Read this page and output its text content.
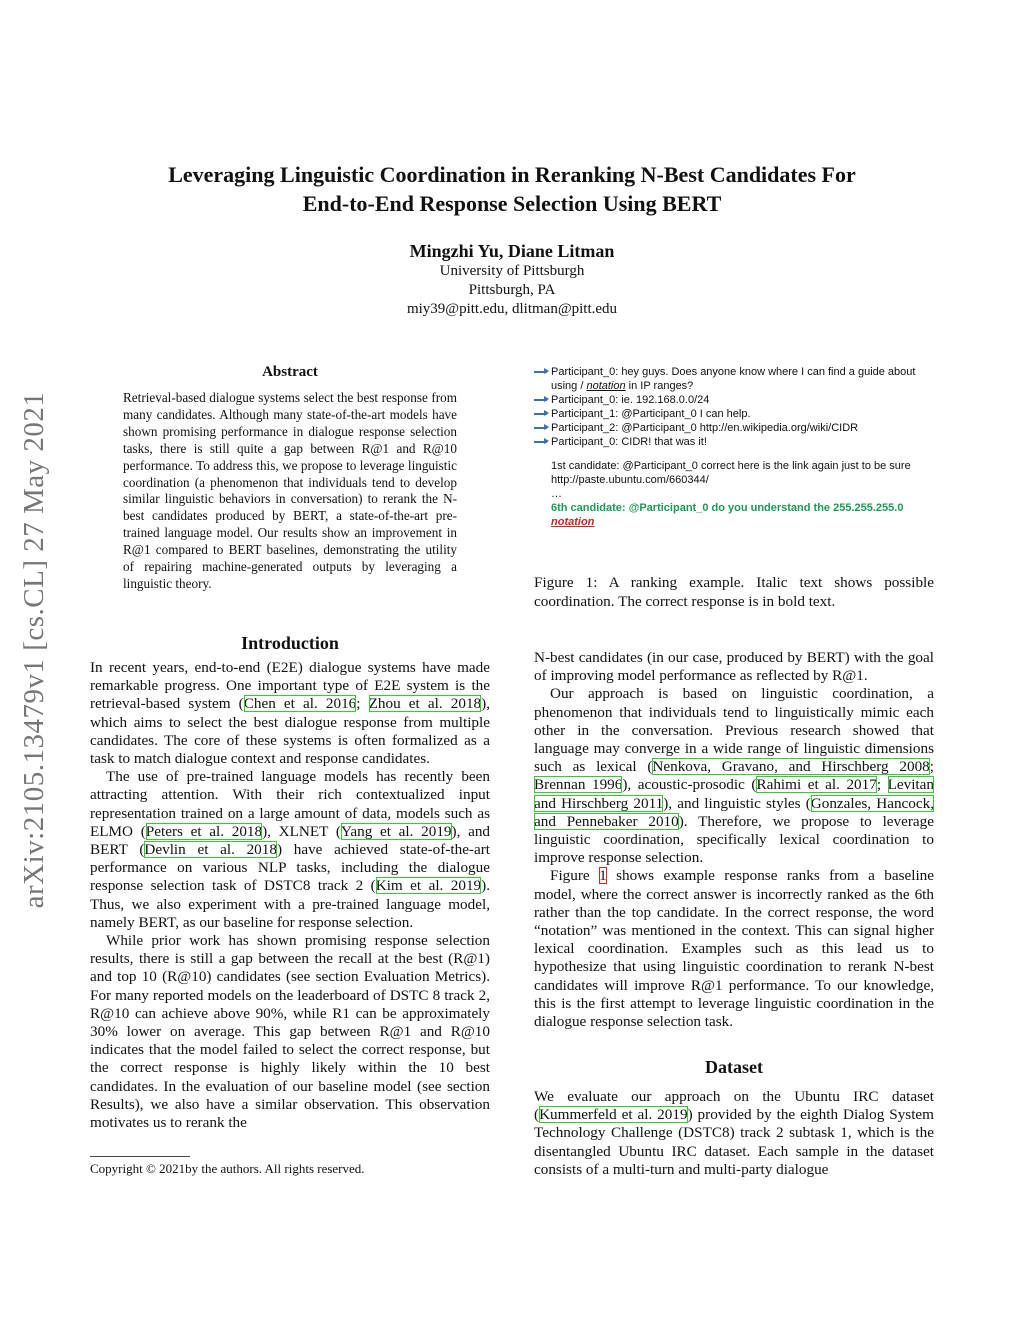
arXiv:2105.13479v1 [cs.CL] 27 May 2021
Leveraging Linguistic Coordination in Reranking N-Best Candidates For
End-to-End Response Selection Using BERT
Mingzhi Yu, Diane Litman
University of Pittsburgh
Pittsburgh, PA
miy39@pitt.edu, dlitman@pitt.edu
Abstract
Retrieval-based dialogue systems select the best response from many candidates. Although many state-of-the-art models have shown promising performance in dialogue response selection tasks, there is still quite a gap between R@1 and R@10 performance. To address this, we propose to leverage linguistic coordination (a phenomenon that individuals tend to develop similar linguistic behaviors in conversation) to rerank the N-best candidates produced by BERT, a state-of-the-art pre-trained language model. Our results show an improvement in R@1 compared to BERT baselines, demonstrating the utility of repairing machine-generated outputs by leveraging a linguistic theory.
Introduction

In recent years, end-to-end (E2E) dialogue systems have made remarkable progress. One important type of E2E system is the retrieval-based system (Chen et al. 2016; Zhou et al. 2018), which aims to select the best dialogue response from multiple candidates. The core of these systems is often formalized as a task to match dialogue context and response candidates.

The use of pre-trained language models has recently been attracting attention. With their rich contextualized input representation trained on a large amount of data, models such as ELMO (Peters et al. 2018), XLNET (Yang et al. 2019), and BERT (Devlin et al. 2018) have achieved state-of-the-art performance on various NLP tasks, including the dialogue response selection task of DSTC8 track 2 (Kim et al. 2019). Thus, we also experiment with a pre-trained language model, namely BERT, as our baseline for response selection.

While prior work has shown promising response selection results, there is still a gap between the recall at the best (R@1) and top 10 (R@10) candidates (see section Evaluation Metrics). For many reported models on the leaderboard of DSTC 8 track 2, R@10 can achieve above 90%, while R1 can be approximately 30% lower on average. This gap between R@1 and R@10 indicates that the model failed to select the correct response, but the correct response is highly likely within the 10 best candidates. In the evaluation of our baseline model (see section Results), we also have a similar observation. This observation motivates us to rerank the

Copyright © 2021by the authors. All rights reserved.
Participant_0: hey guys. Does anyone know where I can find a guide about using / notation in IP ranges?
Participant_0: ie. 192.168.0.0/24
Participant_1: @Participant_0 I can help.
Participant_2: @Participant_0 http://en.wikipedia.org/wiki/CIDR
Participant_0: CIDR! that was it!
1st candidate: @Participant_0 correct here is the link again just to be sure http://paste.ubuntu.com/660344/
…
6th candidate: @Participant_0 do you understand the 255.255.255.0
notation
Figure 1: A ranking example. Italic text shows possible coordination. The correct response is in bold text.

N-best candidates (in our case, produced by BERT) with the goal of improving model performance as reflected by R@1.

Our approach is based on linguistic coordination, a phenomenon that individuals tend to linguistically mimic each other in the conversation. Previous research showed that language may converge in a wide range of linguistic dimensions such as lexical (Nenkova, Gravano, and Hirschberg 2008; Brennan 1996), acoustic-prosodic (Rahimi et al. 2017; Levitan and Hirschberg 2011), and linguistic styles (Gonzales, Hancock, and Pennebaker 2010). Therefore, we propose to leverage linguistic coordination, specifically lexical coordination to improve response selection.

Figure 1 shows example response ranks from a baseline model, where the correct answer is incorrectly ranked as the 6th rather than the top candidate. In the correct response, the word “notation” was mentioned in the context. This can signal higher lexical coordination. Examples such as this lead us to hypothesize that using linguistic coordination to rerank N-best candidates will improve R@1 performance. To our knowledge, this is the first attempt to leverage linguistic coordination in the dialogue response selection task.

Dataset

We evaluate our approach on the Ubuntu IRC dataset (Kummerfeld et al. 2019) provided by the eighth Dialog System Technology Challenge (DSTC8) track 2 subtask 1, which is the disentangled Ubuntu IRC dataset. Each sample in the dataset consists of a multi-turn and multi-party dialogue
